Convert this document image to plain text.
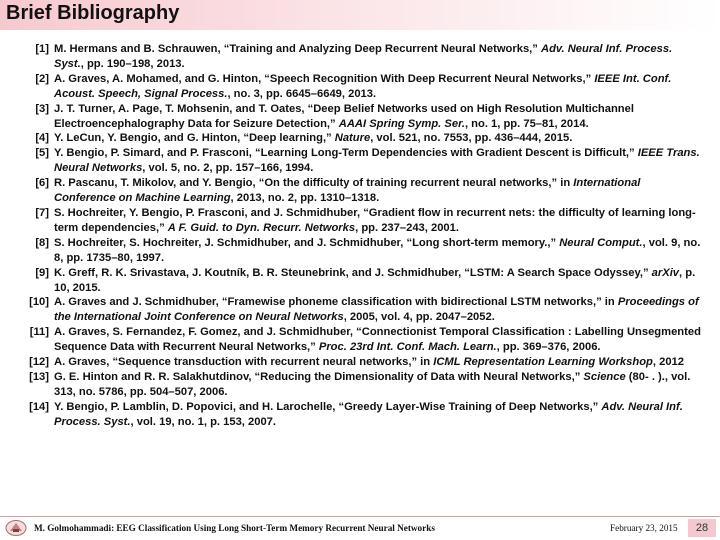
Brief Bibliography
[1] M. Hermans and B. Schrauwen, “Training and Analyzing Deep Recurrent Neural Networks,” Adv. Neural Inf. Process. Syst., pp. 190–198, 2013.
[2] A. Graves, A. Mohamed, and G. Hinton, “Speech Recognition With Deep Recurrent Neural Networks,” IEEE Int. Conf. Acoust. Speech, Signal Process., no. 3, pp. 6645–6649, 2013.
[3] J. T. Turner, A. Page, T. Mohsenin, and T. Oates, “Deep Belief Networks used on High Resolution Multichannel Electroencephalography Data for Seizure Detection,” AAAI Spring Symp. Ser., no. 1, pp. 75–81, 2014.
[4] Y. LeCun, Y. Bengio, and G. Hinton, “Deep learning,” Nature, vol. 521, no. 7553, pp. 436–444, 2015.
[5] Y. Bengio, P. Simard, and P. Frasconi, “Learning Long-Term Dependencies with Gradient Descent is Difficult,” IEEE Trans. Neural Networks, vol. 5, no. 2, pp. 157–166, 1994.
[6] R. Pascanu, T. Mikolov, and Y. Bengio, “On the difficulty of training recurrent neural networks,” in International Conference on Machine Learning, 2013, no. 2, pp. 1310–1318.
[7] S. Hochreiter, Y. Bengio, P. Frasconi, and J. Schmidhuber, “Gradient flow in recurrent nets: the difficulty of learning long-term dependencies,” A F. Guid. to Dyn. Recurr. Networks, pp. 237–243, 2001.
[8] S. Hochreiter, S. Hochreiter, J. Schmidhuber, and J. Schmidhuber, “Long short-term memory.,” Neural Comput., vol. 9, no. 8, pp. 1735–80, 1997.
[9] K. Greff, R. K. Srivastava, J. Koutník, B. R. Steunebrink, and J. Schmidhuber, “LSTM: A Search Space Odyssey,” arXiv, p. 10, 2015.
[10] A. Graves and J. Schmidhuber, “Framewise phoneme classification with bidirectional LSTM networks,” in Proceedings of the International Joint Conference on Neural Networks, 2005, vol. 4, pp. 2047–2052.
[11] A. Graves, S. Fernandez, F. Gomez, and J. Schmidhuber, “Connectionist Temporal Classification : Labelling Unsegmented Sequence Data with Recurrent Neural Networks,” Proc. 23rd Int. Conf. Mach. Learn., pp. 369–376, 2006.
[12] A. Graves, “Sequence transduction with recurrent neural networks,” in ICML Representation Learning Workshop, 2012
[13] G. E. Hinton and R. R. Salakhutdinov, “Reducing the Dimensionality of Data with Neural Networks,” Science (80- . )., vol. 313, no. 5786, pp. 504–507, 2006.
[14] Y. Bengio, P. Lamblin, D. Popovici, and H. Larochelle, “Greedy Layer-Wise Training of Deep Networks,” Adv. Neural Inf. Process. Syst., vol. 19, no. 1, p. 153, 2007.
M. Golmohammadi: EEG Classification Using Long Short-Term Memory Recurrent Neural Networks	February 23, 2015	28
